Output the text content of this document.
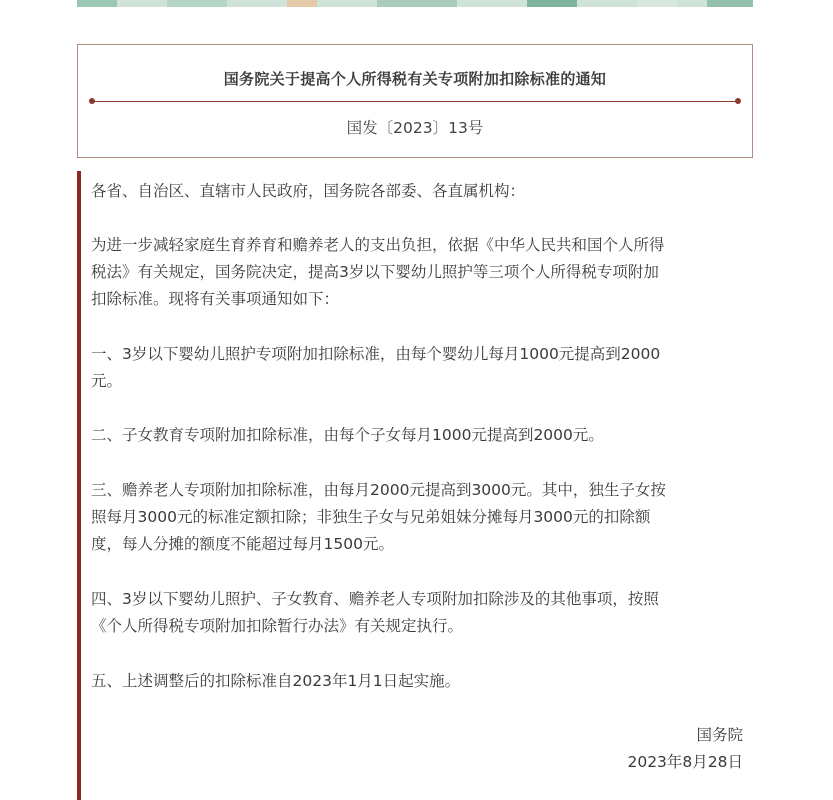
国务院关于提高个人所得税有关专项附加扣除标准的通知
国发〔2023〕13号
各省、自治区、直辖市人民政府，国务院各部委、各直属机构：
为进一步减轻家庭生育养育和赡养老人的支出负担，依据《中华人民共和国个人所得
税法》有关规定，国务院决定，提高3岁以下婴幼儿照护等三项个人所得税专项附加
扣除标准。现将有关事项通知如下：
一、3岁以下婴幼儿照护专项附加扣除标准，由每个婴幼儿每月1000元提高到2000
元。
二、子女教育专项附加扣除标准，由每个子女每月1000元提高到2000元。
三、赡养老人专项附加扣除标准，由每月2000元提高到3000元。其中，独生子女按
照每月3000元的标准定额扣除；非独生子女与兄弟姐妹分摊每月3000元的扣除额
度，每人分摊的额度不能超过每月1500元。
四、3岁以下婴幼儿照护、子女教育、赡养老人专项附加扣除涉及的其他事项，按照
《个人所得税专项附加扣除暂行办法》有关规定执行。
五、上述调整后的扣除标准自2023年1月1日起实施。
国务院
2023年8月28日
